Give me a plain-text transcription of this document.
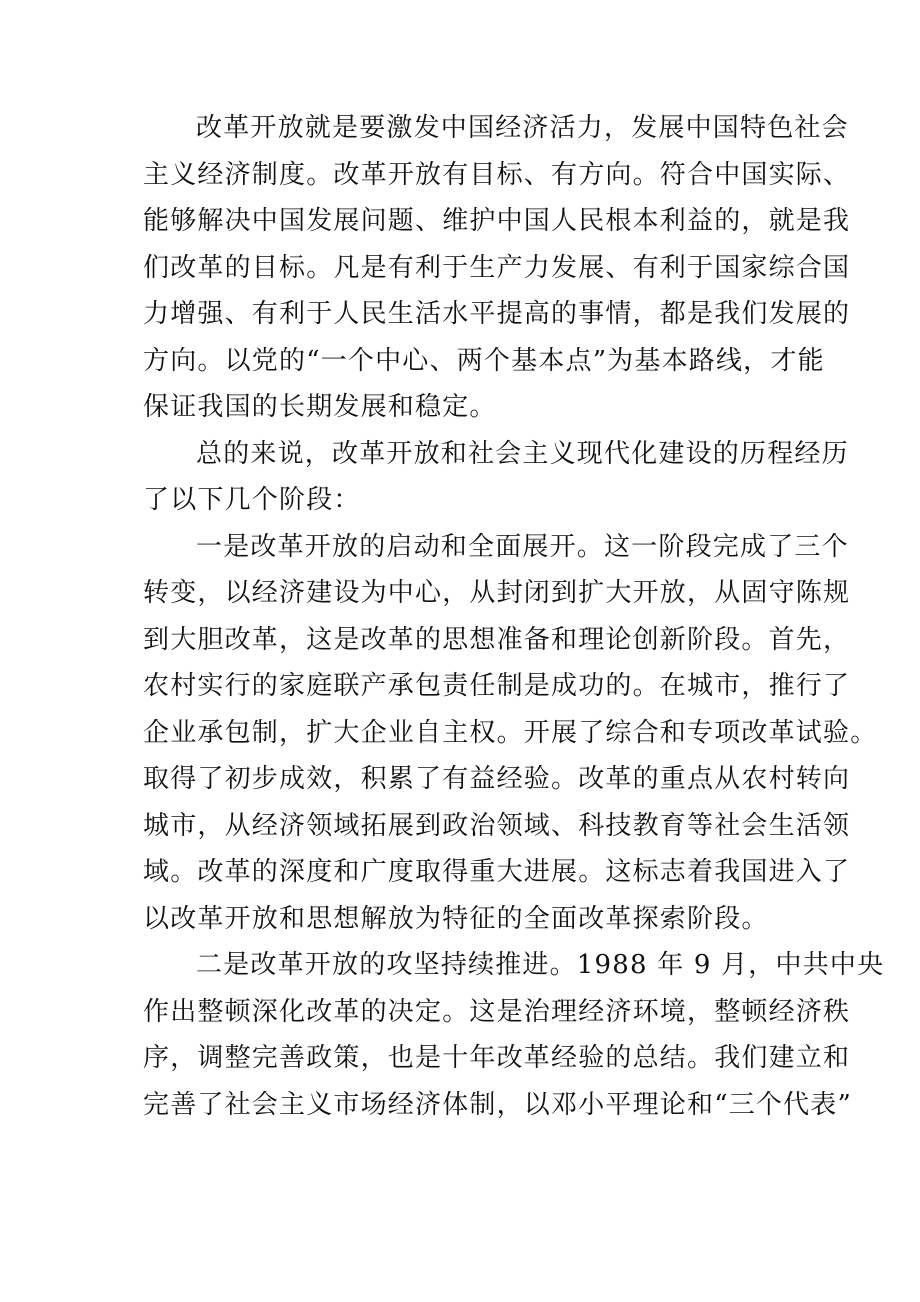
改革开放就是要激发中国经济活力，发展中国特色社会
主义经济制度。改革开放有目标、有方向。符合中国实际、
能够解决中国发展问题、维护中国人民根本利益的，就是我
们改革的目标。凡是有利于生产力发展、有利于国家综合国
力增强、有利于人民生活水平提高的事情，都是我们发展的
方向。以党的“一个中心、两个基本点”为基本路线，才能
保证我国的长期发展和稳定。
总的来说，改革开放和社会主义现代化建设的历程经历
了以下几个阶段：
一是改革开放的启动和全面展开。这一阶段完成了三个
转变，以经济建设为中心，从封闭到扩大开放，从固守陈规
到大胆改革，这是改革的思想准备和理论创新阶段。首先，
农村实行的家庭联产承包责任制是成功的。在城市，推行了
企业承包制，扩大企业自主权。开展了综合和专项改革试验。
取得了初步成效，积累了有益经验。改革的重点从农村转向
城市，从经济领域拓展到政治领域、科技教育等社会生活领
域。改革的深度和广度取得重大进展。这标志着我国进入了
以改革开放和思想解放为特征的全面改革探索阶段。
二是改革开放的攻坚持续推进。1988 年 9 月，中共中央
作出整顿深化改革的决定。这是治理经济环境，整顿经济秩
序，调整完善政策，也是十年改革经验的总结。我们建立和
完善了社会主义市场经济体制，以邓小平理论和“三个代表”
